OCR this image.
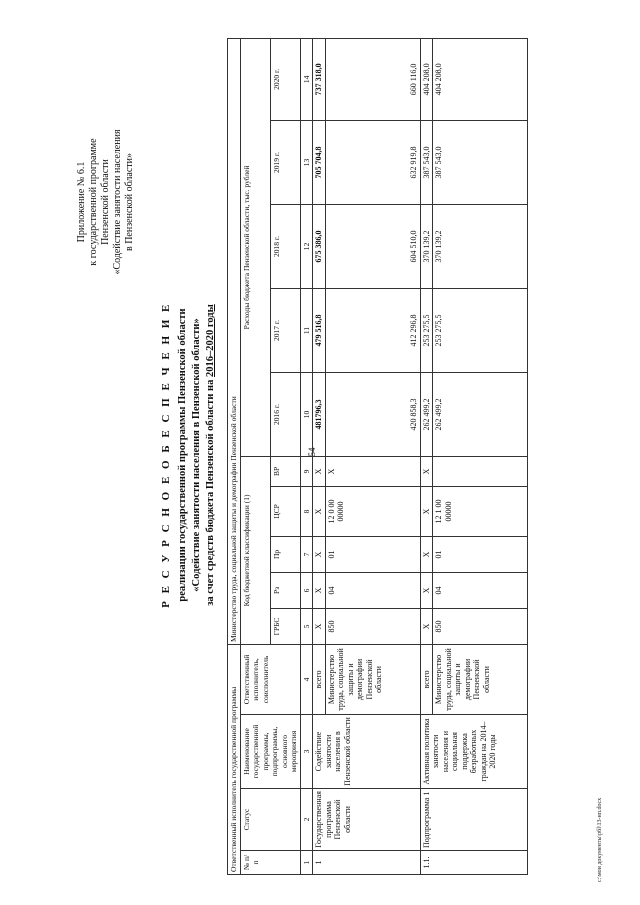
54
c:\мои документы\рбl\13-нп.docx
Приложение № 6.1 к государственной программе Пензенской области «Содействие занятости населения в Пензенской области»
Р Е С У Р С Н О Е О Б Е С П Е Ч Е Н И Е реализации государственной программы Пензенской области «Содействие занятости населения в Пензенской области» за счет средств бюджета Пензенской области на 2016–2020 годы
Ответственный исполнитель государственной программы				Министерство труда, социальной защиты и демографии Пензенской области									
№ п/п	Статус	Наименование государственной программы, подпрограммы, основного мероприятия	Ответственный исполнитель, соисполнитель	Код бюджетной классификации (1)					Расходы бюджета Пензенской области, тыс. рублей				
				ГРБС	Рз	Пр	ЦСР	ВР	2016 г.	2017 г.	2018 г.	2019 г.	2020 г.
1	2	3	4	5	6	7	8	9	10	11	12	13	14
1	Государственная программа Пензенской области	Содействие занятости населения в Пензенской области	всего	Х	Х	Х	Х	Х	481796,3	479 516,8	675 386,0	705 704,8	737 318,0
			Министерство труда, социальной защиты и демографии Пензенской области	850	04	01	12 0 00 00000	Х	420 858,3	412 296,8	604 510,0	632 919,8	660 116,0
1.1.	Подпрограмма 1	Активная политика занятости населения и социальная поддержка безработных граждан на 2014–2020 годы	всего	Х	Х	Х	Х	Х	262 499,2	253 275,5	370 139,2	387 543,0	404 208,0
			Министерство труда, социальной защиты и демографии Пензенской области	850	04	01	12 1 00 00000		262 499,2	253 275,5	370 139,2	387 543,0	404 208,0
